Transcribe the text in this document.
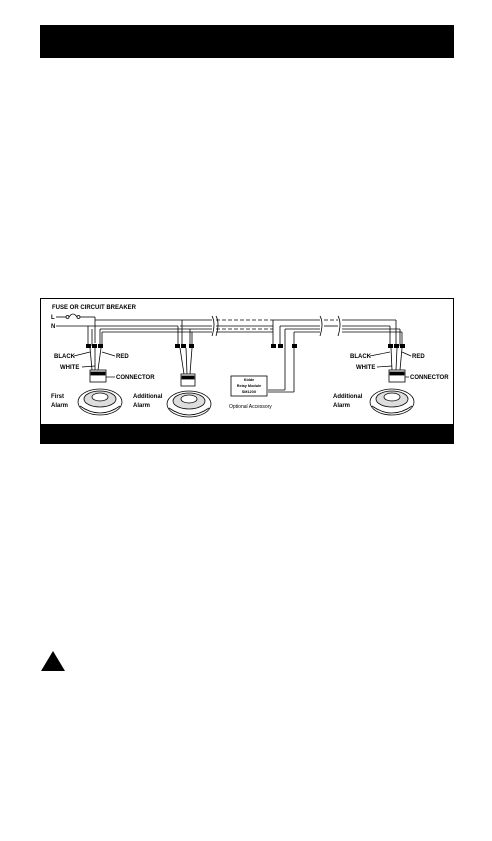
FUSE OR CIRCUIT BREAKER
L
N
BLACK	RED
WHITE
CONNECTOR
First
Alarm
Additional
Alarm
Kidde
Relay Module
SM120X
Optional Accessory
BLACK	RED
WHITE
CONNECTOR
Additional
Alarm
